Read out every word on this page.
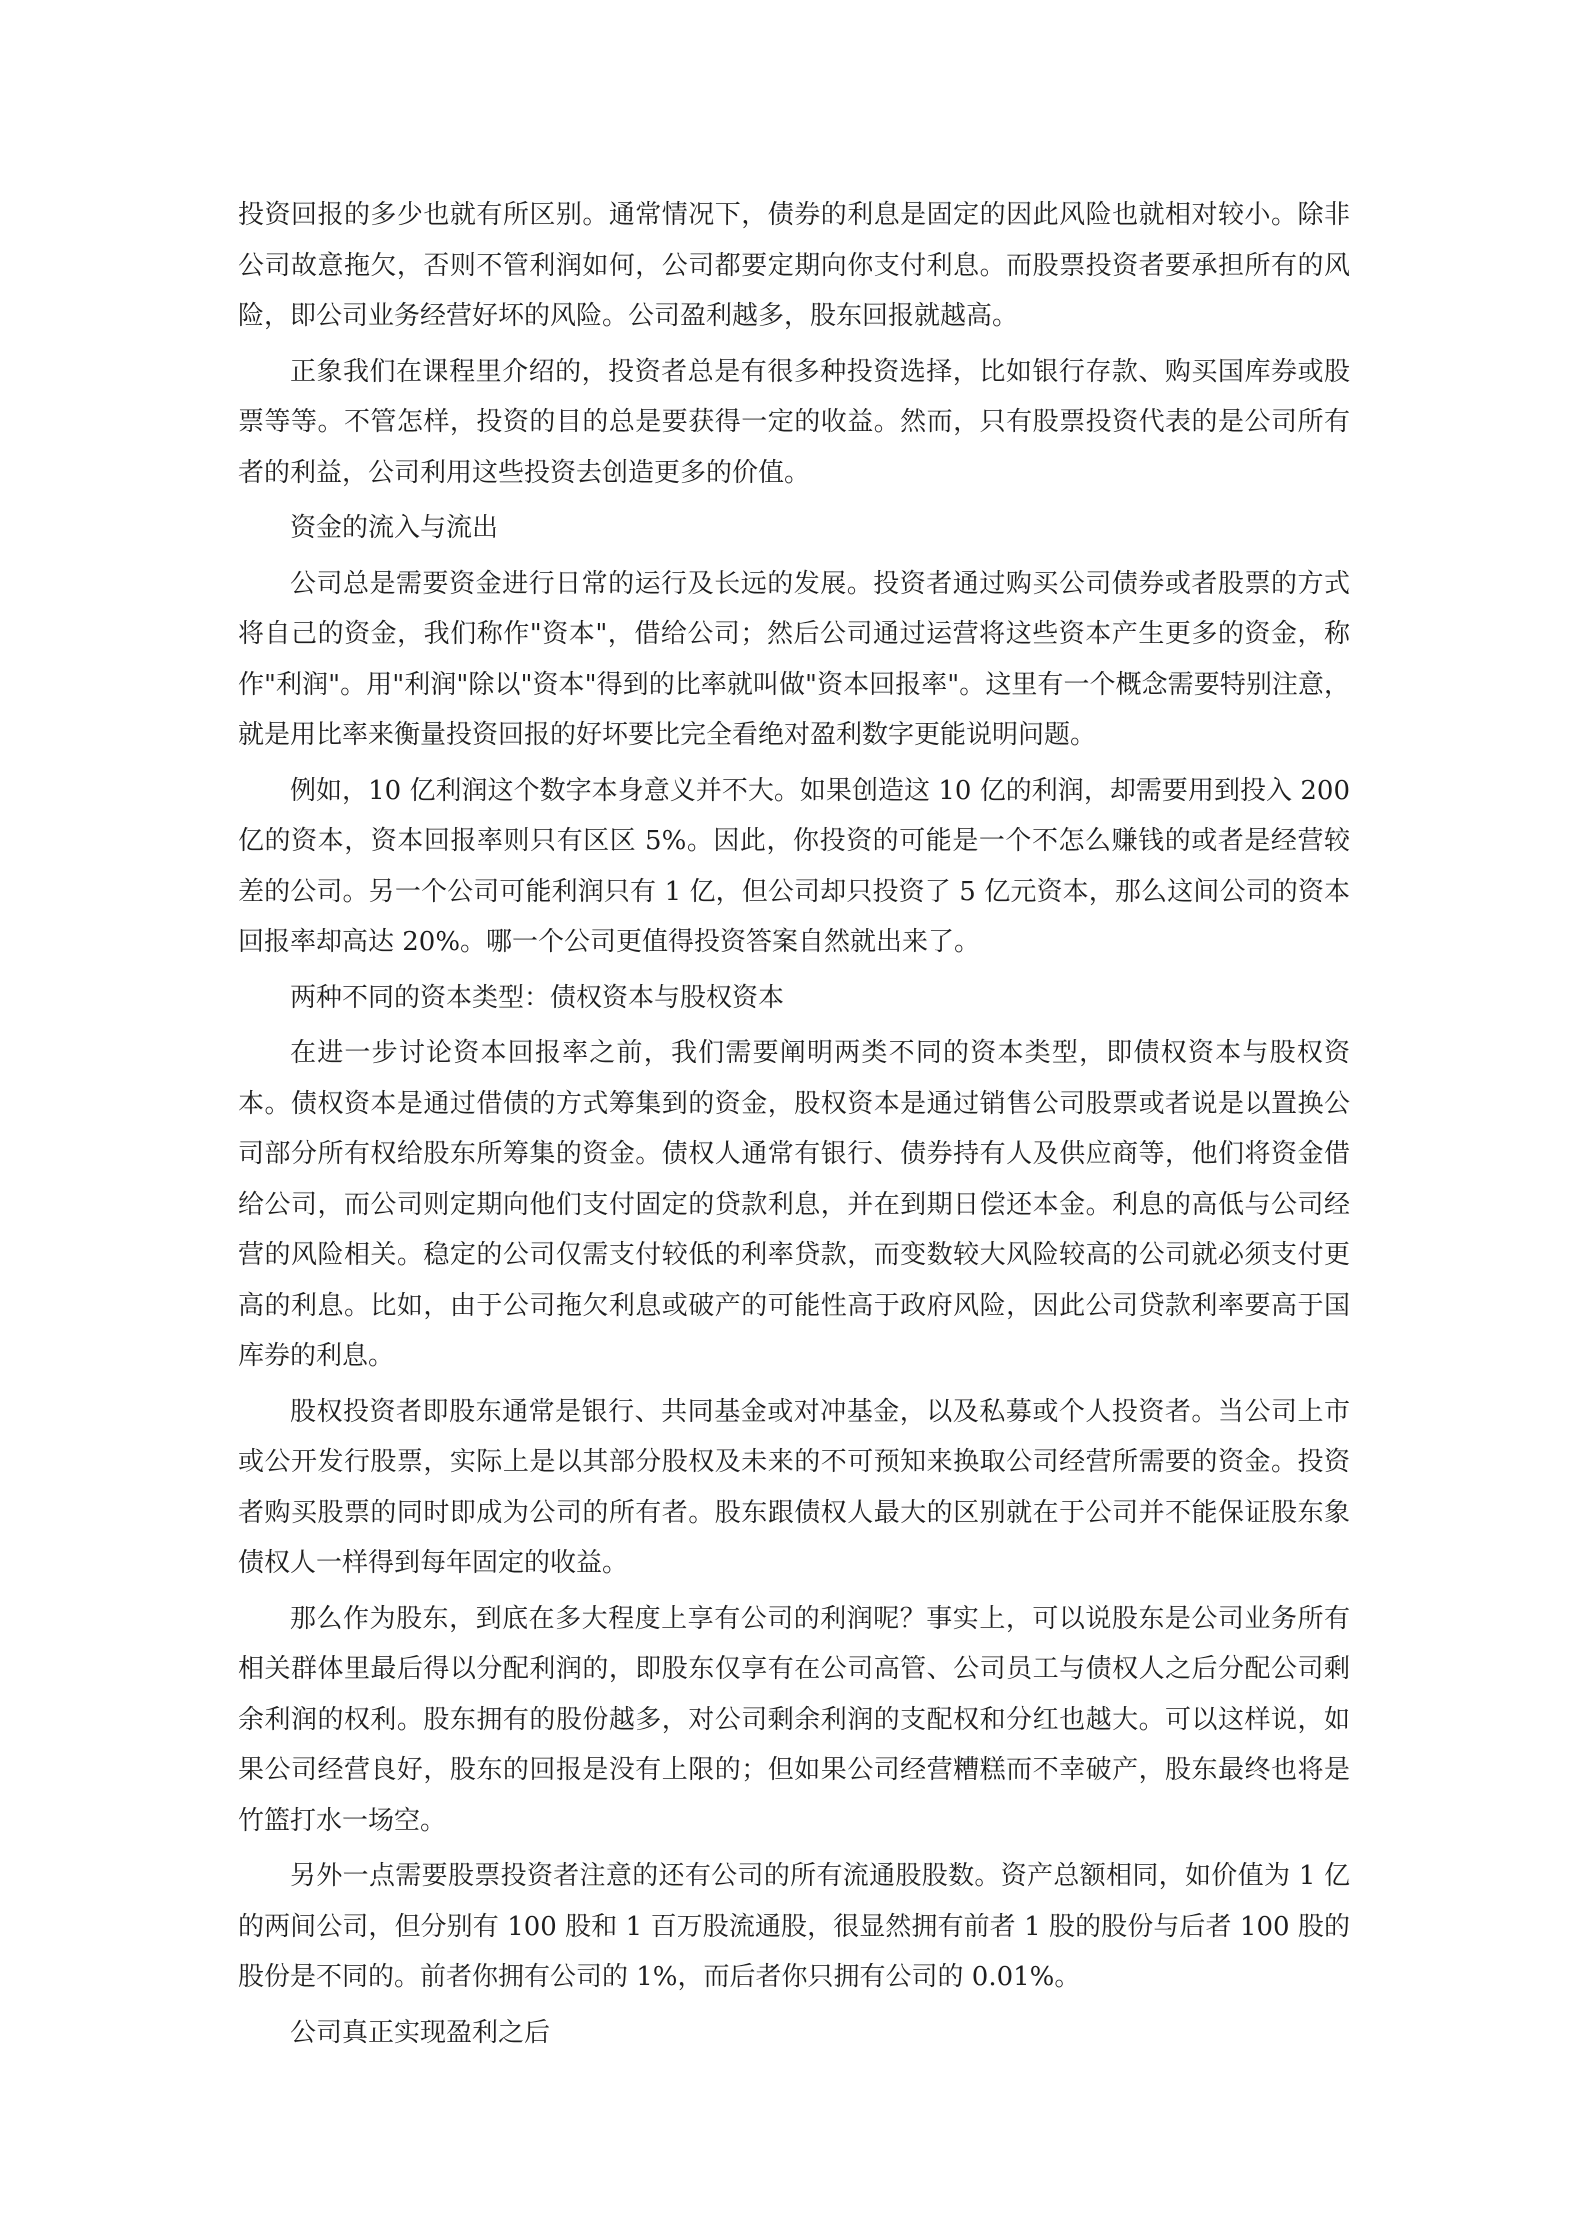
投资回报的多少也就有所区别。通常情况下，债券的利息是固定的因此风险也就相对较小。除非公司故意拖欠，否则不管利润如何，公司都要定期向你支付利息。而股票投资者要承担所有的风险，即公司业务经营好坏的风险。公司盈利越多，股东回报就越高。

正象我们在课程里介绍的，投资者总是有很多种投资选择，比如银行存款、购买国库券或股票等等。不管怎样，投资的目的总是要获得一定的收益。然而，只有股票投资代表的是公司所有者的利益，公司利用这些投资去创造更多的价值。

资金的流入与流出

公司总是需要资金进行日常的运行及长远的发展。投资者通过购买公司债券或者股票的方式将自己的资金，我们称作"资本"，借给公司；然后公司通过运营将这些资本产生更多的资金，称作"利润"。用"利润"除以"资本"得到的比率就叫做"资本回报率"。这里有一个概念需要特别注意，就是用比率来衡量投资回报的好坏要比完全看绝对盈利数字更能说明问题。

例如，10 亿利润这个数字本身意义并不大。如果创造这 10 亿的利润，却需要用到投入 200 亿的资本，资本回报率则只有区区 5%。因此，你投资的可能是一个不怎么赚钱的或者是经营较差的公司。另一个公司可能利润只有 1 亿，但公司却只投资了 5 亿元资本，那么这间公司的资本回报率却高达 20%。哪一个公司更值得投资答案自然就出来了。

两种不同的资本类型：债权资本与股权资本

在进一步讨论资本回报率之前，我们需要阐明两类不同的资本类型，即债权资本与股权资本。债权资本是通过借债的方式筹集到的资金，股权资本是通过销售公司股票或者说是以置换公司部分所有权给股东所筹集的资金。债权人通常有银行、债券持有人及供应商等，他们将资金借给公司，而公司则定期向他们支付固定的贷款利息，并在到期日偿还本金。利息的高低与公司经营的风险相关。稳定的公司仅需支付较低的利率贷款，而变数较大风险较高的公司就必须支付更高的利息。比如，由于公司拖欠利息或破产的可能性高于政府风险，因此公司贷款利率要高于国库券的利息。

股权投资者即股东通常是银行、共同基金或对冲基金，以及私募或个人投资者。当公司上市或公开发行股票，实际上是以其部分股权及未来的不可预知来换取公司经营所需要的资金。投资者购买股票的同时即成为公司的所有者。股东跟债权人最大的区别就在于公司并不能保证股东象债权人一样得到每年固定的收益。

那么作为股东，到底在多大程度上享有公司的利润呢？事实上，可以说股东是公司业务所有相关群体里最后得以分配利润的，即股东仅享有在公司高管、公司员工与债权人之后分配公司剩余利润的权利。股东拥有的股份越多，对公司剩余利润的支配权和分红也越大。可以这样说，如果公司经营良好，股东的回报是没有上限的；但如果公司经营糟糕而不幸破产，股东最终也将是竹篮打水一场空。

另外一点需要股票投资者注意的还有公司的所有流通股股数。资产总额相同，如价值为 1 亿的两间公司，但分别有 100 股和 1 百万股流通股，很显然拥有前者 1 股的股份与后者 100 股的股份是不同的。前者你拥有公司的 1%，而后者你只拥有公司的 0.01%。

公司真正实现盈利之后
